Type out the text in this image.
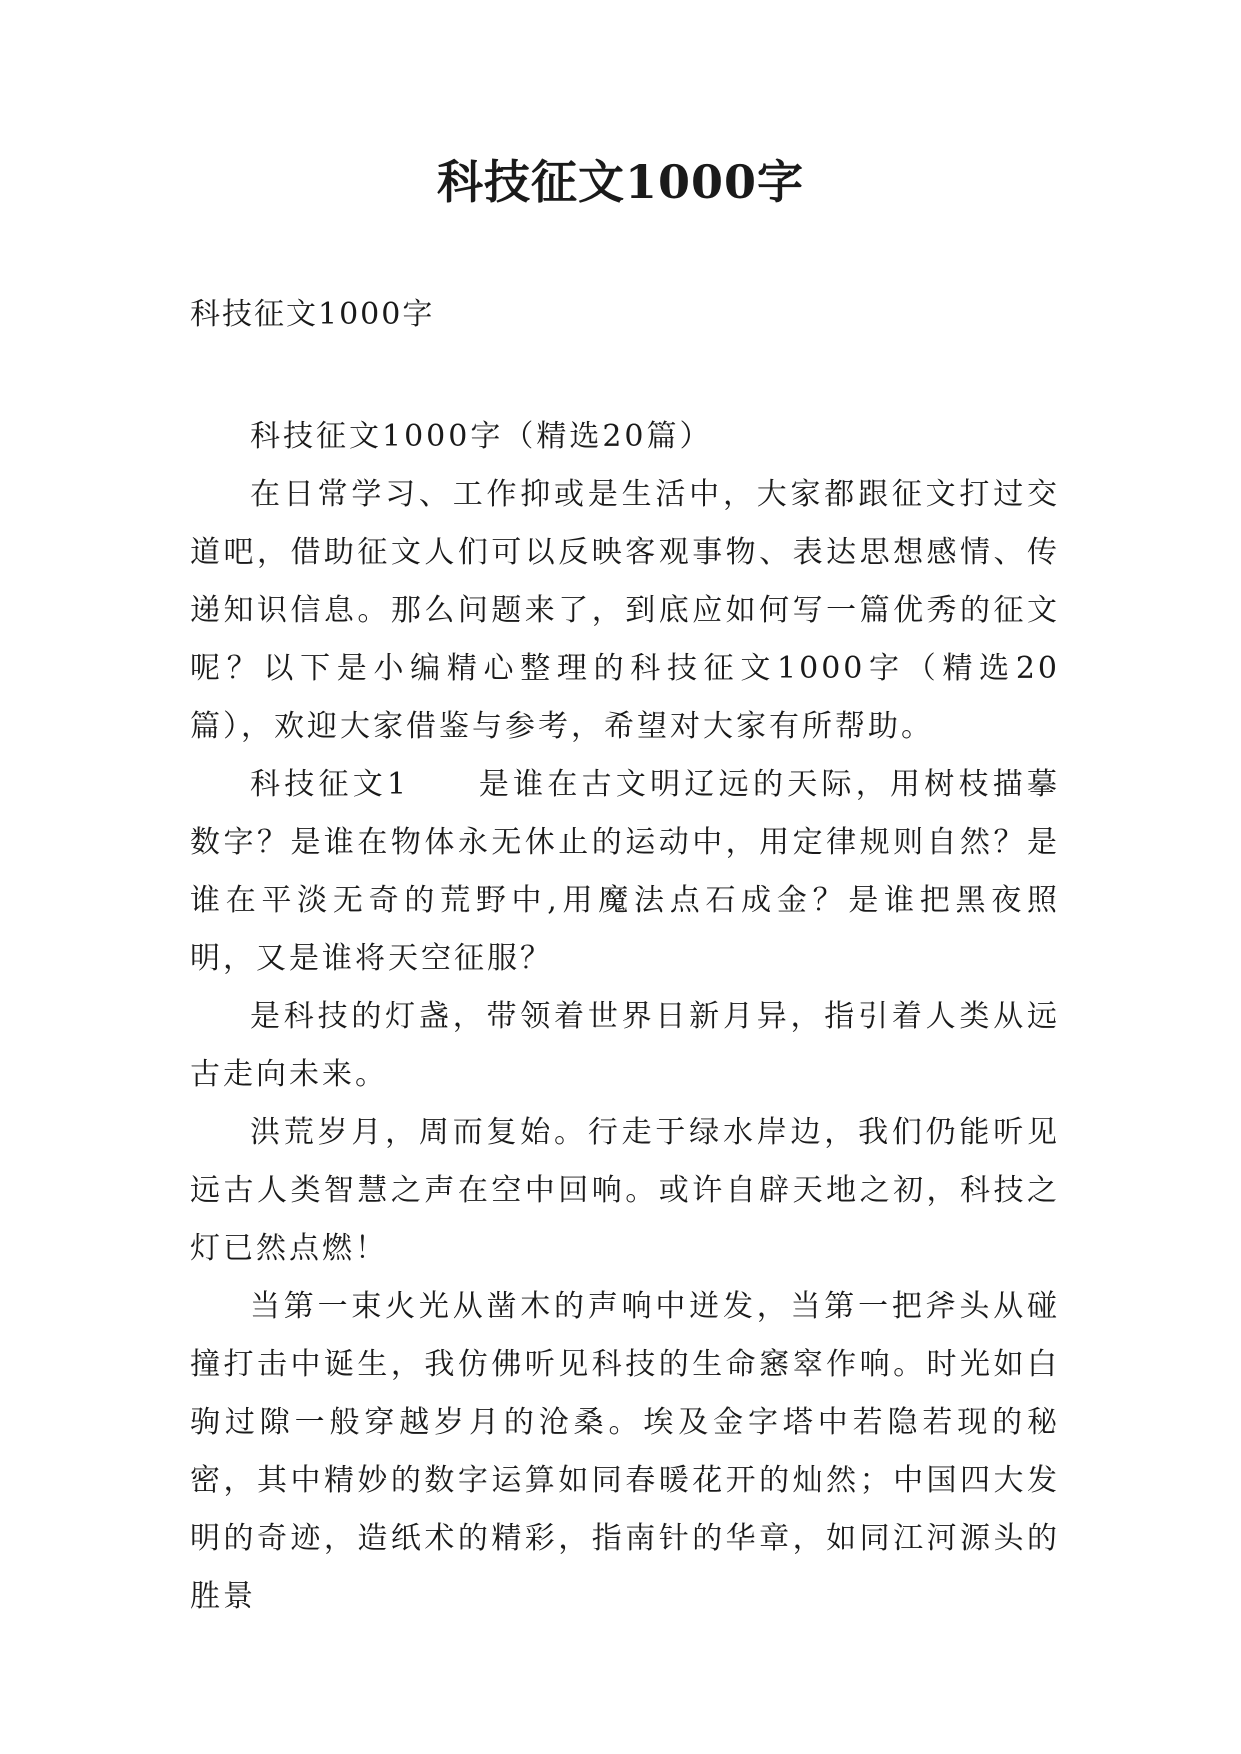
科技征文1000字
科技征文1000字

科技征文1000字（精选20篇）

在日常学习、工作抑或是生活中，大家都跟征文打过交道吧，借助征文人们可以反映客观事物、表达思想感情、传递知识信息。那么问题来了，到底应如何写一篇优秀的征文呢？以下是小编精心整理的科技征文1000字（精选20篇），欢迎大家借鉴与参考，希望对大家有所帮助。

科技征文1　　是谁在古文明辽远的天际，用树枝描摹数字？是谁在物体永无休止的运动中，用定律规则自然？是谁在平淡无奇的荒野中,用魔法点石成金？是谁把黑夜照明，又是谁将天空征服？

是科技的灯盏，带领着世界日新月异，指引着人类从远古走向未来。

洪荒岁月，周而复始。行走于绿水岸边，我们仍能听见远古人类智慧之声在空中回响。或许自辟天地之初，科技之灯已然点燃！

当第一束火光从凿木的声响中迸发，当第一把斧头从碰撞打击中诞生，我仿佛听见科技的生命窸窣作响。时光如白驹过隙一般穿越岁月的沧桑。埃及金字塔中若隐若现的秘密，其中精妙的数字运算如同春暖花开的灿然；中国四大发明的奇迹，造纸术的精彩，指南针的华章，如同江河源头的胜景
